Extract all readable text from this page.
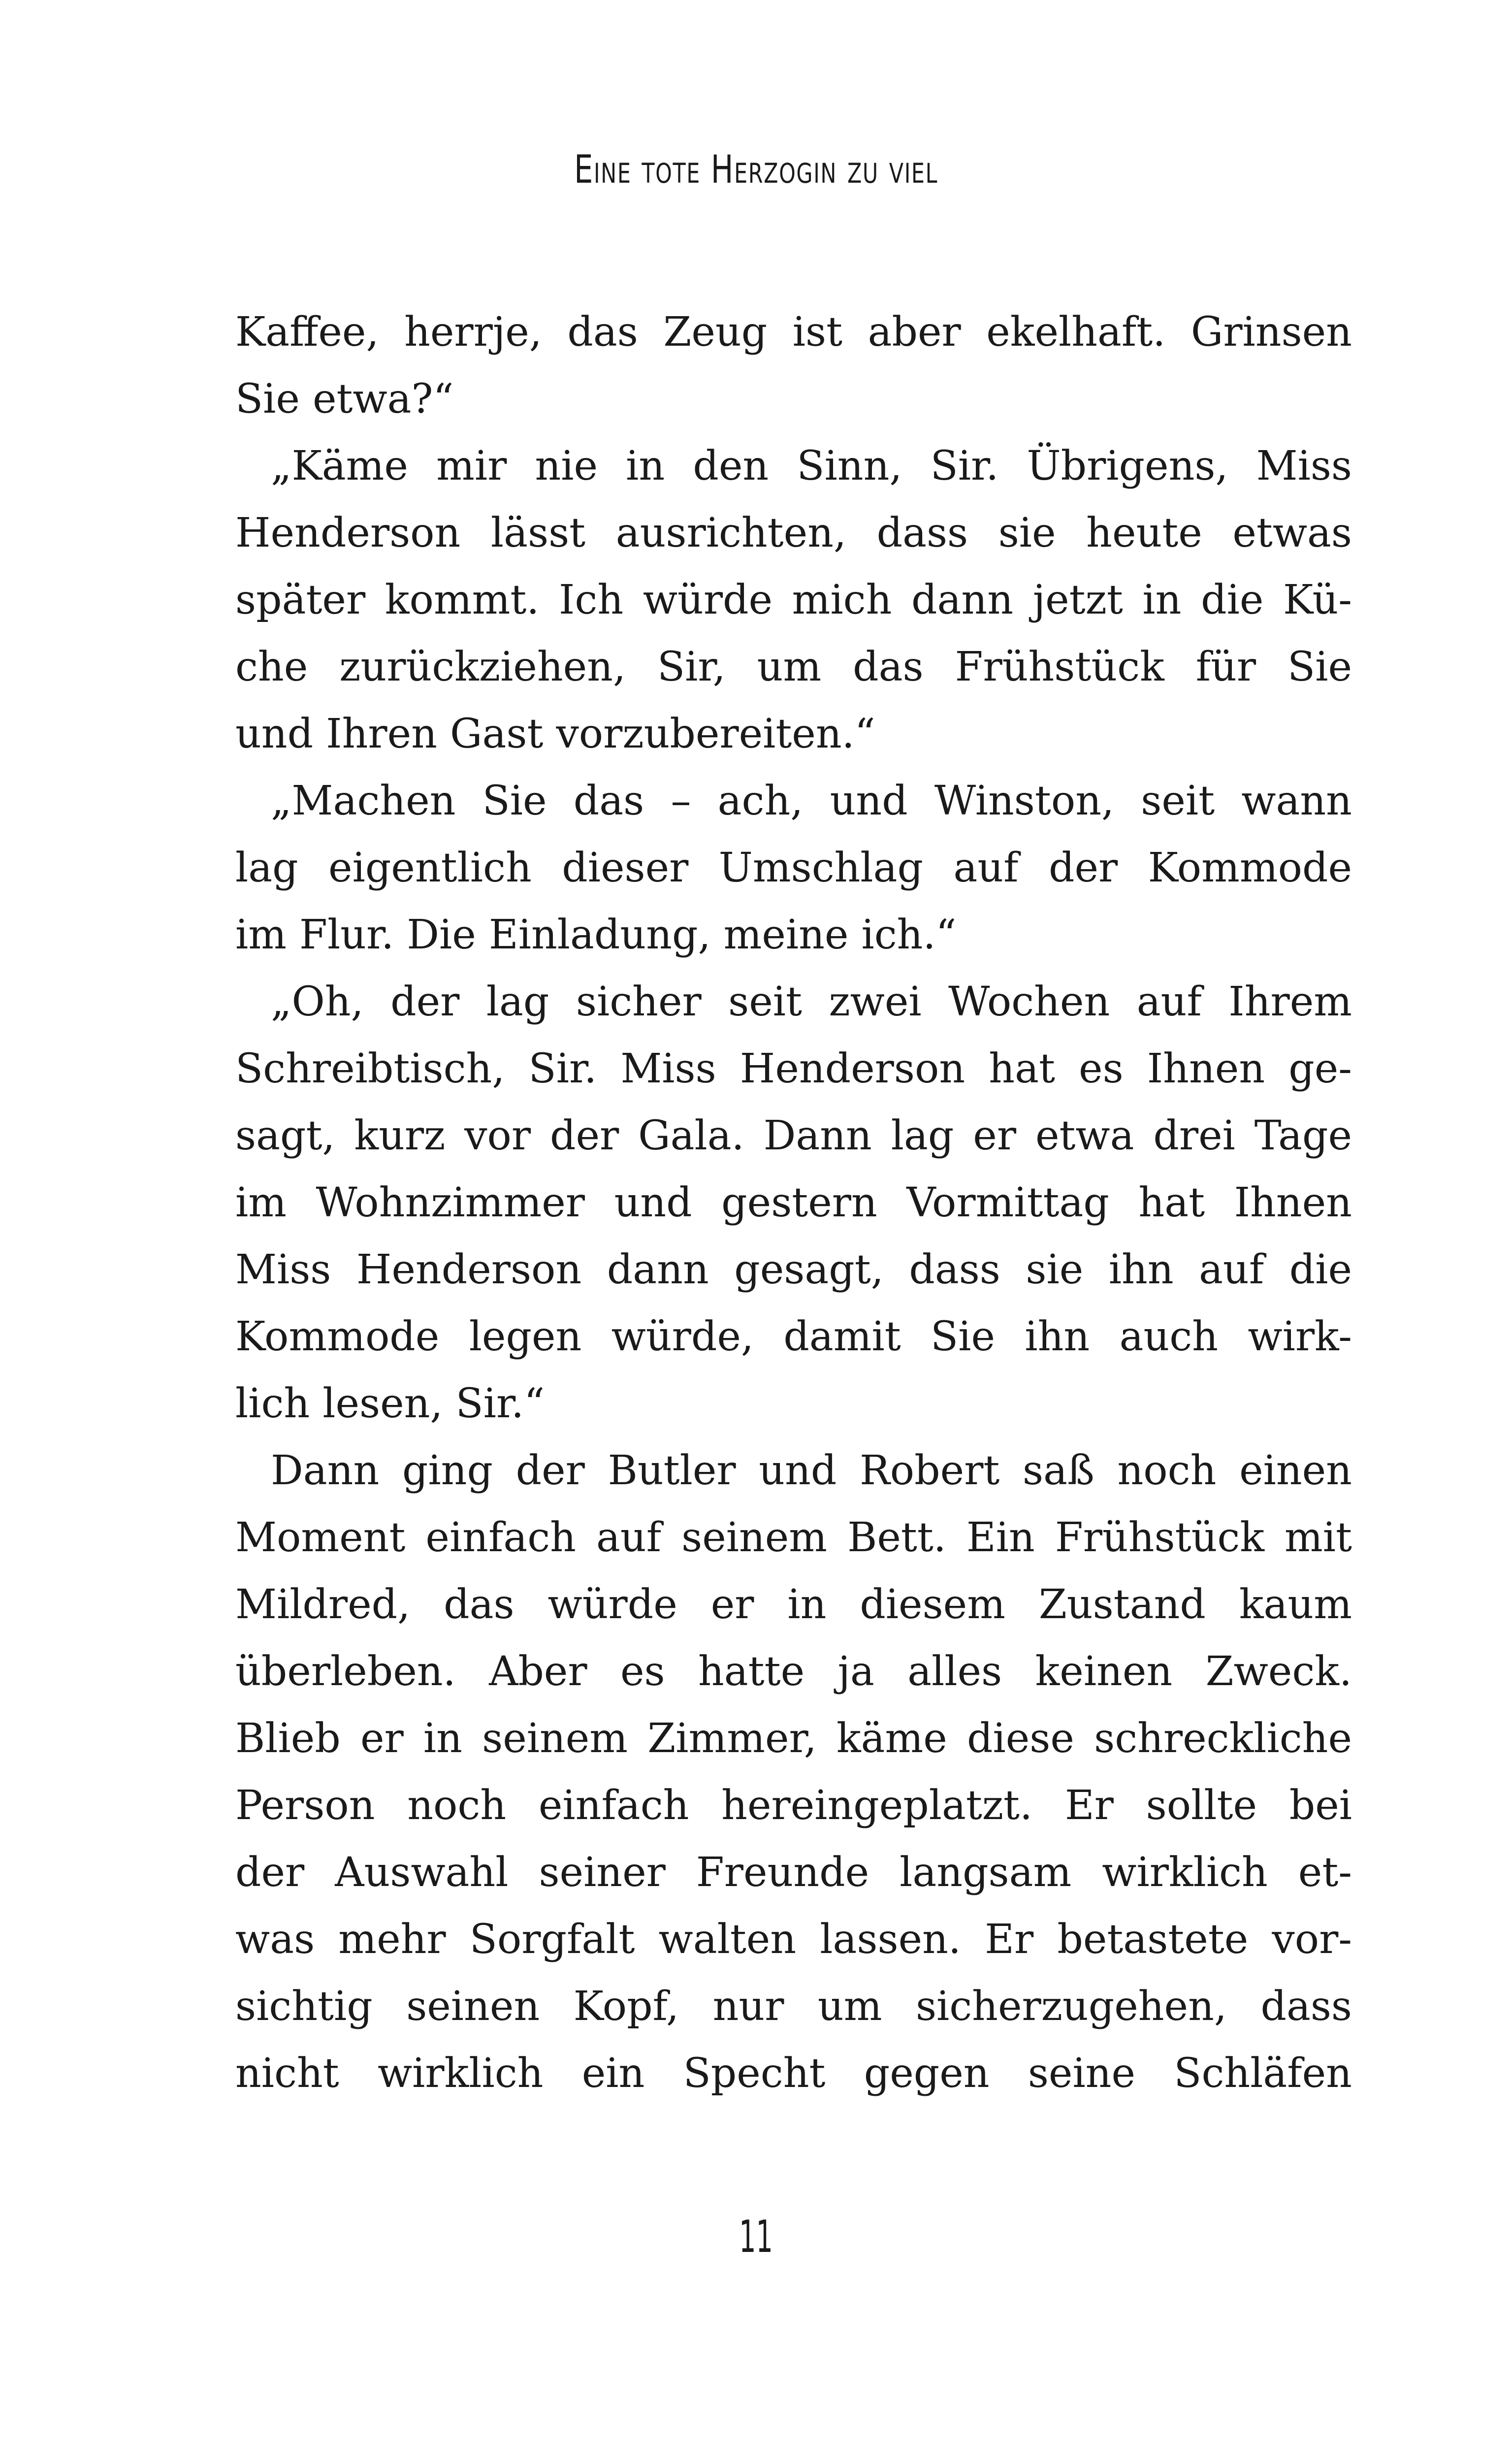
Eine tote Herzogin zu viel
Kaffee, herrje, das Zeug ist aber ekelhaft. Grinsen
Sie etwa?“
„Käme mir nie in den Sinn, Sir. Übrigens, Miss
Henderson lässt ausrichten, dass sie heute etwas
später kommt. Ich würde mich dann jetzt in die Kü-
che zurückziehen, Sir, um das Frühstück für Sie
und Ihren Gast vorzubereiten.“
„Machen Sie das – ach, und Winston, seit wann
lag eigentlich dieser Umschlag auf der Kommode
im Flur. Die Einladung, meine ich.“
„Oh, der lag sicher seit zwei Wochen auf Ihrem
Schreibtisch, Sir. Miss Henderson hat es Ihnen ge-
sagt, kurz vor der Gala. Dann lag er etwa drei Tage
im Wohnzimmer und gestern Vormittag hat Ihnen
Miss Henderson dann gesagt, dass sie ihn auf die
Kommode legen würde, damit Sie ihn auch wirk-
lich lesen, Sir.“
Dann ging der Butler und Robert saß noch einen
Moment einfach auf seinem Bett. Ein Frühstück mit
Mildred, das würde er in diesem Zustand kaum
überleben. Aber es hatte ja alles keinen Zweck.
Blieb er in seinem Zimmer, käme diese schreckliche
Person noch einfach hereingeplatzt. Er sollte bei
der Auswahl seiner Freunde langsam wirklich et-
was mehr Sorgfalt walten lassen. Er betastete vor-
sichtig seinen Kopf, nur um sicherzugehen, dass
nicht wirklich ein Specht gegen seine Schläfen
11
